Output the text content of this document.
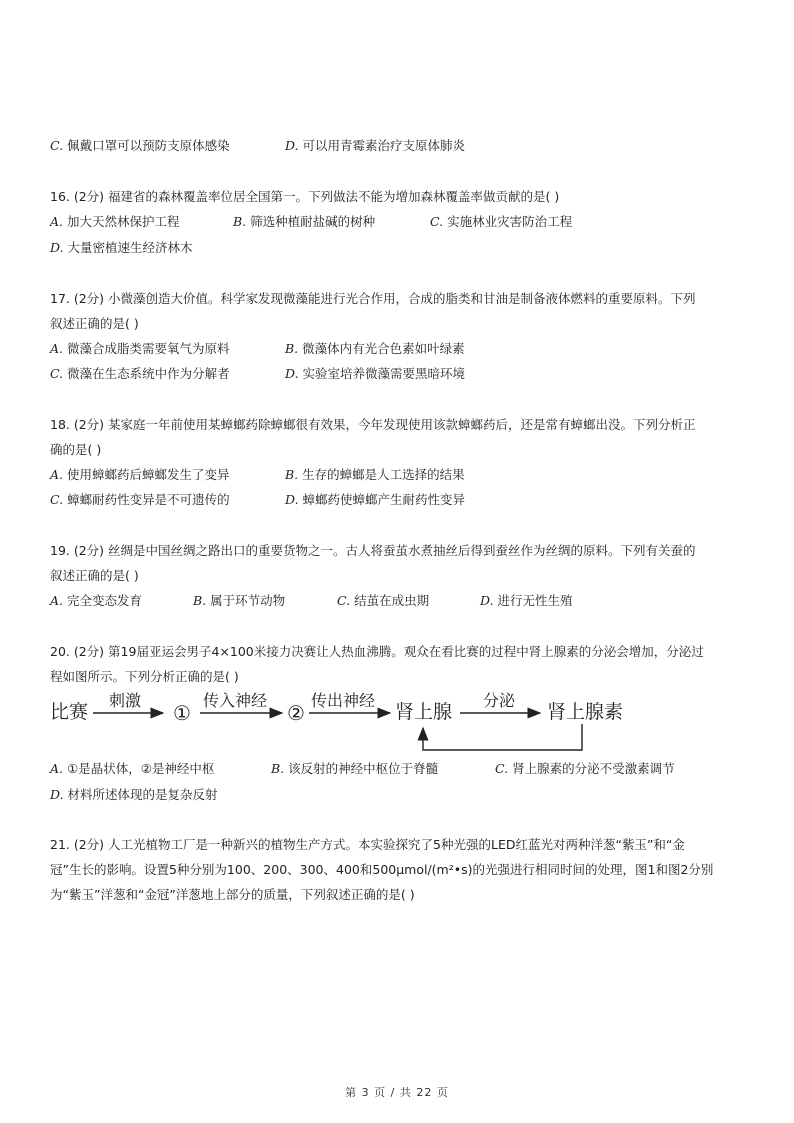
C. 佩戴口罩可以预防支原体感染	D. 可以用青霉素治疗支原体肺炎
16. (2分) 福建省的森林覆盖率位居全国第一。下列做法不能为增加森林覆盖率做贡献的是( )
A. 加大天然林保护工程	B. 筛选种植耐盐碱的树种	C. 实施林业灾害防治工程
D. 大量密植速生经济林木
17. (2分) 小微藻创造大价值。科学家发现微藻能进行光合作用，合成的脂类和甘油是制备液体燃料的重要原料。下列
叙述正确的是( )
A. 微藻合成脂类需要氧气为原料	B. 微藻体内有光合色素如叶绿素
C. 微藻在生态系统中作为分解者	D. 实验室培养微藻需要黑暗环境
18. (2分) 某家庭一年前使用某蟑螂药除蟑螂很有效果，今年发现使用该款蟑螂药后，还是常有蟑螂出没。下列分析正
确的是( )
A. 使用蟑螂药后蟑螂发生了变异	B. 生存的蟑螂是人工选择的结果
C. 蟑螂耐药性变异是不可遗传的	D. 蟑螂药使蟑螂产生耐药性变异
19. (2分) 丝绸是中国丝绸之路出口的重要货物之一。古人将蚕茧水煮抽丝后得到蚕丝作为丝绸的原料。下列有关蚕的
叙述正确的是( )
A. 完全变态发育	B. 属于环节动物	C. 结茧在成虫期	D. 进行无性生殖
20. (2分) 第19届亚运会男子4×100米接力决赛让人热血沸腾。观众在看比赛的过程中肾上腺素的分泌会增加，分泌过
程如图所示。下列分析正确的是( )
比赛
刺激
①
传入神经
②
传出神经
肾上腺
分泌
肾上腺素
A. ①是晶状体，②是神经中枢	B. 该反射的神经中枢位于脊髓	C. 肾上腺素的分泌不受激素调节
D. 材料所述体现的是复杂反射
21. (2分) 人工光植物工厂是一种新兴的植物生产方式。本实验探究了5种光强的LED红蓝光对两种洋葱“紫玉”和“金
冠”生长的影响。设置5种分别为100、200、300、400和500μmol/(m²•s)的光强进行相同时间的处理，图1和图2分别
为“紫玉”洋葱和“金冠”洋葱地上部分的质量，下列叙述正确的是( )
第 3 页 / 共 22 页
